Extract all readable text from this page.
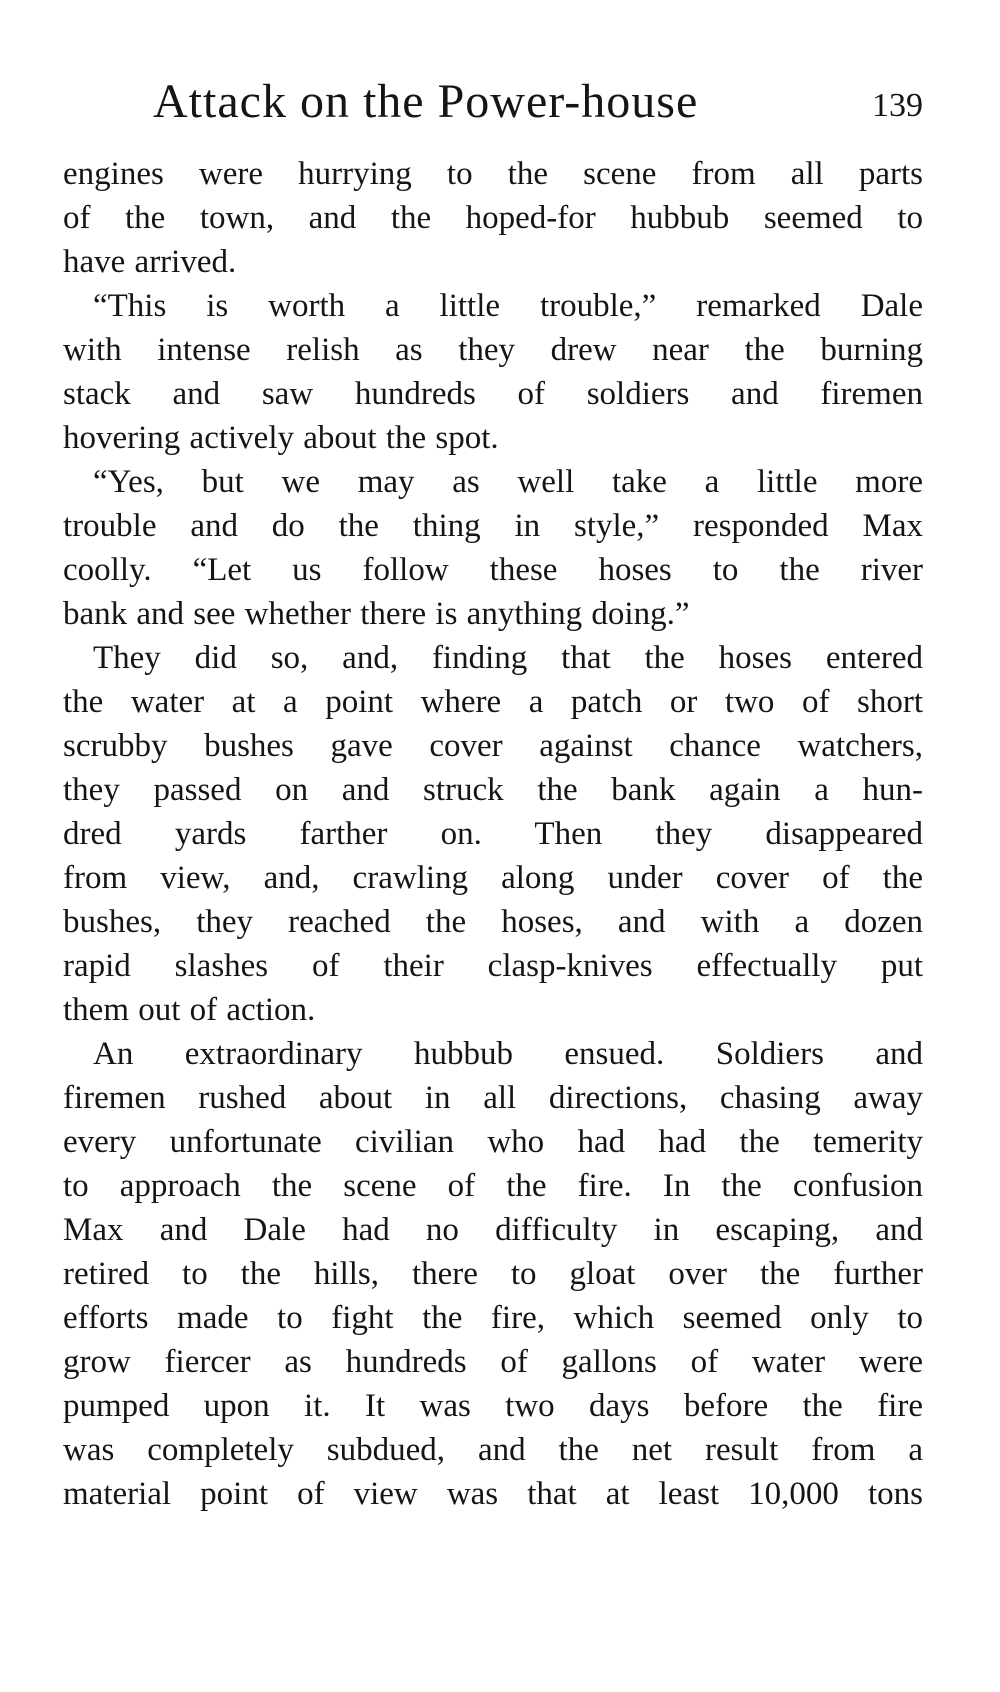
Attack on the Power-house	139
engines were hurrying to the scene from all parts
of the town, and the hoped-for hubbub seemed to
have arrived.
“This is worth a little trouble,” remarked Dale
with intense relish as they drew near the burning
stack and saw hundreds of soldiers and firemen
hovering actively about the spot.
“Yes, but we may as well take a little more
trouble and do the thing in style,” responded Max
coolly. “Let us follow these hoses to the river
bank and see whether there is anything doing.”
They did so, and, finding that the hoses entered
the water at a point where a patch or two of short
scrubby bushes gave cover against chance watchers,
they passed on and struck the bank again a hun-
dred yards farther on. Then they disappeared
from view, and, crawling along under cover of the
bushes, they reached the hoses, and with a dozen
rapid slashes of their clasp-knives effectually put
them out of action.
An extraordinary hubbub ensued. Soldiers and
firemen rushed about in all directions, chasing away
every unfortunate civilian who had had the temerity
to approach the scene of the fire. In the confusion
Max and Dale had no difficulty in escaping, and
retired to the hills, there to gloat over the further
efforts made to fight the fire, which seemed only to
grow fiercer as hundreds of gallons of water were
pumped upon it. It was two days before the fire
was completely subdued, and the net result from a
material point of view was that at least 10,000 tons
